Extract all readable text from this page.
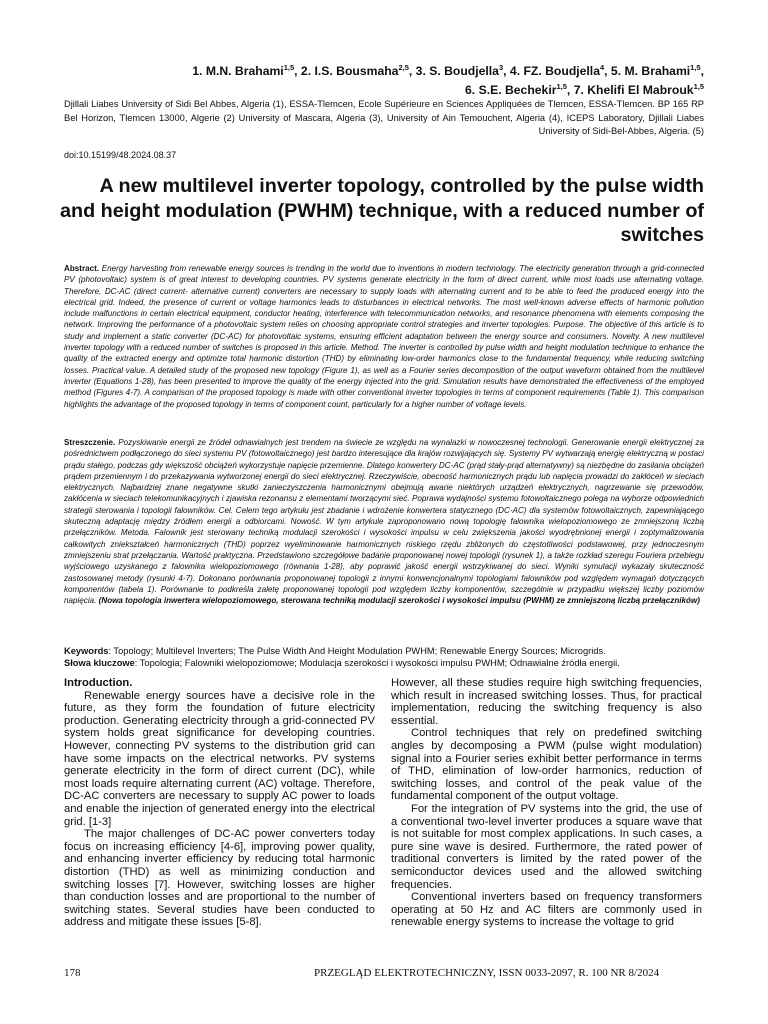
1. M.N. Brahami$^{1,5}$, 2. I.S. Bousmaha$^{2,5}$, 3. S. Boudjella$^3$, 4. FZ. Boudjella$^4$, 5. M. Brahami$^{1,5}$,
6. S.E. Bechekir$^{1,5}$, 7. Khelifi El Mabrouk$^{1,5}$
Djillali Liabes University of Sidi Bel Abbes, Algeria (1), ESSA-Tlemcen, Ecole Supérieure en Sciences Appliquées de Tlemcen, ESSA-Tlemcen. BP 165 RP Bel Horizon, Tlemcen 13000, Algerie (2) University of Mascara, Algeria (3), University of Ain Temouchent, Algeria (4), ICEPS Laboratory, Djillali Liabes University of Sidi-Bel-Abbes, Algeria. (5)
doi:10.15199/48.2024.08.37
A new multilevel inverter topology, controlled by the pulse width and height modulation (PWHM) technique, with a reduced number of switches
Abstract. Energy harvesting from renewable energy sources is trending in the world due to inventions in modern technology. The electricity generation through a grid-connected PV (photovoltaic) system is of great interest to developing countries. PV systems generate electricity in the form of direct current, while most loads use alternating voltage. Therefore, DC-AC (direct current- alternative current) converters are necessary to supply loads with alternating current and to be able to feed the produced energy into the electrical grid. Indeed, the presence of current or voltage harmonics leads to disturbances in electrical networks. The most well-known adverse effects of harmonic pollution include malfunctions in certain electrical equipment, conductor heating, interference with telecommunication networks, and resonance phenomena with elements composing the network. Improving the performance of a photovoltaic system relies on choosing appropriate control strategies and inverter topologies. Purpose. The objective of this article is to study and implement a static converter (DC-AC) for photovoltaic systems, ensuring efficient adaptation between the energy source and consumers. Novelty. A new multilevel inverter topology with a reduced number of switches is proposed in this article. Method. The inverter is controlled by pulse width and height modulation technique to enhance the quality of the extracted energy and optimize total harmonic distortion (THD) by eliminating low-order harmonics close to the fundamental frequency, while reducing switching losses. Practical value. A detailed study of the proposed new topology (Figure 1), as well as a Fourier series decomposition of the output waveform obtained from the multilevel inverter (Equations 1-28), has been presented to improve the quality of the energy injected into the grid. Simulation results have demonstrated the effectiveness of the employed method (Figures 4-7). A comparison of the proposed topology is made with other conventional inverter topologies in terms of component requirements (Table 1). This comparison highlights the advantage of the proposed topology in terms of component count, particularly for a higher number of voltage levels.
Streszczenie. Pozyskiwanie energii ze źródeł odnawialnych jest trendem na świecie ze względu na wynalazki w nowoczesnej technologii. Generowanie energii elektrycznej za pośrednictwem podłączonego do sieci systemu PV (fotowoltaicznego) jest bardzo interesujące dla krajów rozwijających się. Systemy PV wytwarzają energię elektryczną w postaci prądu stałego, podczas gdy większość obciążeń wykorzystuje napięcie przemienne. Dlatego konwertery DC-AC (prąd stały-prąd alternatywny) są niezbędne do zasilania obciążeń prądem przemiennym i do przekazywania wytworzonej energii do sieci elektrycznej. Rzeczywiście, obecność harmonicznych prądu lub napięcia prowadzi do zakłóceń w sieciach elektrycznych. Najbardziej znane negatywne skutki zanieczyszczenia harmonicznymi obejmują awarie niektórych urządzeń elektrycznych, nagrzewanie się przewodów, zakłócenia w sieciach telekomunikacyjnych i zjawiska rezonansu z elementami tworzącymi sieć. Poprawa wydajności systemu fotowoltaicznego polega na wyborze odpowiednich strategii sterowania i topologii falowników. Cel. Celem tego artykułu jest zbadanie i wdrożenie konwertera statycznego (DC-AC) dla systemów fotowoltaicznych, zapewniającego skuteczną adaptację między źródłem energii a odbiorcami. Nowość. W tym artykule zaproponowano nową topologię falownika wielopoziomowego ze zmniejszoną liczbą przełączników. Metoda. Falownik jest sterowany techniką modulacji szerokości i wysokości impulsu w celu zwiększenia jakości wyodrębnionej energii i zoptymalizowania całkowitych zniekształceń harmonicznych (THD) poprzez wyeliminowanie harmonicznych niskiego rzędu zbliżonych do częstotliwości podstawowej, przy jednoczesnym zmniejszeniu strat przełączania. Wartość praktyczna. Przedstawiono szczegółowe badanie proponowanej nowej topologii (rysunek 1), a także rozkład szeregu Fouriera przebiegu wyjściowego uzyskanego z falownika wielopoziomowego (równania 1-28), aby poprawić jakość energii wstrzykiwanej do sieci. Wyniki symulacji wykazały skuteczność zastosowanej metody (rysunki 4-7). Dokonano porównania proponowanej topologii z innymi konwencjonalnymi topologiami falowników pod względem wymagań dotyczących komponentów (tabela 1). Porównanie to podkreśla zaletę proponowanej topologii pod względem liczby komponentów, szczególnie w przypadku większej liczby poziomów napięcia. (Nowa topologia inwertera wielopoziomowego, sterowana techniką modulacji szerokości i wysokości impulsu (PWHM) ze zmniejszoną liczbą przełączników)
Keywords: Topology; Multilevel Inverters; The Pulse Width And Height Modulation PWHM; Renewable Energy Sources; Microgrids.
Słowa kluczowe: Topologia; Falowniki wielopoziomowe; Modulacja szerokości i wysokości impulsu PWHM; Odnawialne źródła energii.
Introduction.

Renewable energy sources have a decisive role in the future, as they form the foundation of future electricity production. Generating electricity through a grid-connected PV system holds great significance for developing countries. However, connecting PV systems to the distribution grid can have some impacts on the electrical networks. PV systems generate electricity in the form of direct current (DC), while most loads require alternating current (AC) voltage. Therefore, DC-AC converters are necessary to supply AC power to loads and enable the injection of generated energy into the electrical grid. [1-3]

The major challenges of DC-AC power converters today focus on increasing efficiency [4-6], improving power quality, and enhancing inverter efficiency by reducing total harmonic distortion (THD) as well as minimizing conduction and switching losses [7]. However, switching losses are higher than conduction losses and are proportional to the number of switching states. Several studies have been conducted to address and mitigate these issues [5-8].

However, all these studies require high switching frequencies, which result in increased switching losses. Thus, for practical implementation, reducing the switching frequency is also essential.

Control techniques that rely on predefined switching angles by decomposing a PWM (pulse wight modulation) signal into a Fourier series exhibit better performance in terms of THD, elimination of low-order harmonics, reduction of switching losses, and control of the peak value of the fundamental component of the output voltage.

For the integration of PV systems into the grid, the use of a conventional two-level inverter produces a square wave that is not suitable for most complex applications. In such cases, a pure sine wave is desired. Furthermore, the rated power of traditional converters is limited by the rated power of the semiconductor devices used and the allowed switching frequencies.

Conventional inverters based on frequency transformers operating at 50 Hz and AC filters are commonly used in renewable energy systems to increase the voltage to grid

178	PRZEGLĄD ELEKTROTECHNICZNY, ISSN 0033-2097, R. 100 NR 8/2024
